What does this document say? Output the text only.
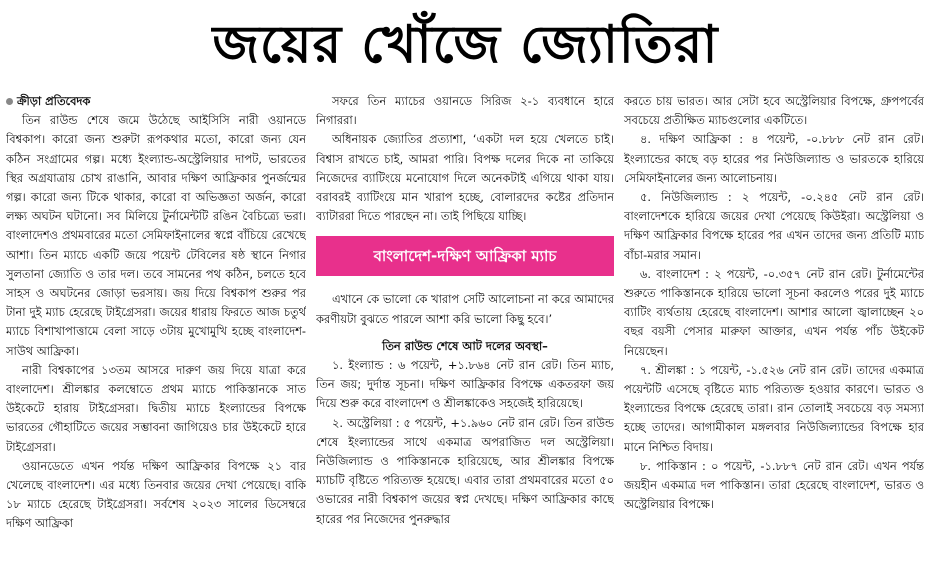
জয়ের খোঁজে জ্যোতিরা
ক্রীড়া প্রতিবেদক

তিন রাউন্ড শেষে জমে উঠেছে আইসিসি নারী ওয়ানডে বিশ্বকাপ। কারো জন্য শুরুটা রূপকথার মতো, কারো জন্য যেন কঠিন সংগ্রামের গল্প। মধ্যে ইংল্যান্ড-অস্ট্রেলিয়ার দাপট, ভারতের স্থির অগ্রযাত্রায় চোখ রাঙানি, আবার দক্ষিণ আফ্রিকার পুনর্জন্মের গল্প। কারো জন্য টিকে থাকার, কারো বা অভিজ্ঞতা অর্জন, কারো লক্ষ্য অঘটন ঘটানো। সব মিলিয়ে টুর্নামেন্টটি রঙিন বৈচিত্র্যে ভরা। বাংলাদেশও প্রথমবারের মতো সেমিফাইনালের স্বপ্নে বাঁচিয়ে রেখেছে আশা। তিন ম্যাচে একটি জয়ে পয়েন্ট টেবিলের ষষ্ঠ স্থানে নিগার সুলতানা জ্যোতি ও তার দল। তবে সামনের পথ কঠিন, চলতে হবে সাহস ও অঘটনের জোড়া ভরসায়। জয় দিয়ে বিশ্বকাপ শুরুর পর টানা দুই ম্যাচ হেরেছে টাইগ্রেসরা। জয়ের ধারায় ফিরতে আজ চতুর্থ ম্যাচে বিশাখাপাত্তামে বেলা সাড়ে ৩টায় মুখোমুখি হচ্ছে বাংলাদেশ-সাউথ আফ্রিকা।

নারী বিশ্বকাপের ১৩তম আসরে দারুণ জয় দিয়ে যাত্রা করে বাংলাদেশ। শ্রীলঙ্কার কলম্বোতে প্রথম ম্যাচে পাকিস্তানকে সাত উইকেটে হারায় টাইগ্রেসরা। দ্বিতীয় ম্যাচে ইংল্যান্ডের বিপক্ষে ভারতের গৌহাটিতে জয়ের সম্ভাবনা জাগিয়েও চার উইকেটে হারে টাইগ্রেসরা।

ওয়ানডেতে এখন পর্যন্ত দক্ষিণ আফ্রিকার বিপক্ষে ২১ বার খেলেছে বাংলাদেশ। এর মধ্যে তিনবার জয়ের দেখা পেয়েছে। বাকি ১৮ ম্যাচে হেরেছে টাইগ্রেসরা। সর্বশেষ ২০২৩ সালের ডিসেম্বরে দক্ষিণ আফ্রিকা

সফরে তিন ম্যাচের ওয়ানডে সিরিজ ২-১ ব্যবধানে হারে নিগাররা।

অধিনায়ক জ্যোতির প্রত্যাশা, ‘একটা দল হয়ে খেলতে চাই। বিশ্বাস রাখতে চাই, আমরা পারি। বিপক্ষ দলের দিকে না তাকিয়ে নিজেদের ব্যাটিংয়ে মনোযোগ দিলে অনেকটাই এগিয়ে থাকা যায়। বরাবরই ব্যাটিংয়ে মান খারাপ হচ্ছে, বোলারদের কষ্টের প্রতিদান ব্যাটাররা দিতে পারছেন না। তাই পিছিয়ে যাচ্ছি।

বাংলাদেশ-দক্ষিণ আফ্রিকা ম্যাচ

এখানে কে ভালো কে খারাপ সেটি আলোচনা না করে আমাদের করণীয়টা বুঝতে পারলে আশা করি ভালো কিছু হবে।’

তিন রাউন্ড শেষে আট দলের অবস্থা–

১. ইংল্যান্ড : ৬ পয়েন্ট, +১.৮৬৪ নেট রান রেট। তিন ম্যাচ, তিন জয়; দুর্দান্ত সূচনা। দক্ষিণ আফ্রিকার বিপক্ষে একতরফা জয় দিয়ে শুরু করে বাংলাদেশ ও শ্রীলঙ্কাকেও সহজেই হারিয়েছে।

২. অস্ট্রেলিয়া : ৫ পয়েন্ট, +১.৯৬০ নেট রান রেট। তিন রাউন্ড শেষে ইংল্যান্ডের সাথে একমাত্র অপরাজিত দল অস্ট্রেলিয়া। নিউজিল্যান্ড ও পাকিস্তানকে হারিয়েছে, আর শ্রীলঙ্কার বিপক্ষে ম্যাচটি বৃষ্টিতে পরিত্যক্ত হয়েছে। এবার তারা প্রথমবারের মতো ৫০ ওভারের নারী বিশ্বকাপ জয়ের স্বপ্ন দেখছে। দক্ষিণ আফ্রিকার কাছে হারের পর নিজেদের পুনরুদ্ধার

করতে চায় ভারত। আর সেটা হবে অস্ট্রেলিয়ার বিপক্ষে, গ্রুপপর্বের সবচেয়ে প্রতীক্ষিত ম্যাচগুলোর একটিতে।

৪. দক্ষিণ আফ্রিকা : ৪ পয়েন্ট, -০.৮৮৮ নেট রান রেট। ইংল্যান্ডের কাছে বড় হারের পর নিউজিল্যান্ড ও ভারতকে হারিয়ে সেমিফাইনালের জন্য আলোচনায়।

৫. নিউজিল্যান্ড : ২ পয়েন্ট, -০.২৪৫ নেট রান রেট। বাংলাদেশকে হারিয়ে জয়ের দেখা পেয়েছে কিউইরা। অস্ট্রেলিয়া ও দক্ষিণ আফ্রিকার বিপক্ষে হারের পর এখন তাদের জন্য প্রতিটি ম্যাচ বাঁচা-মরার সমান।

৬. বাংলাদেশ : ২ পয়েন্ট, -০.৩৫৭ নেট রান রেট। টুর্নামেন্টের শুরুতে পাকিস্তানকে হারিয়ে ভালো সূচনা করলেও পরের দুই ম্যাচে ব্যাটিং ব্যর্থতায় হেরেছে বাংলাদেশ। আশার আলো জ্বালাচ্ছেন ২০ বছর বয়সী পেসার মারুফা আক্তার, এখন পর্যন্ত পাঁচ উইকেট নিয়েছেন।

৭. শ্রীলঙ্কা : ১ পয়েন্ট, -১.৫২৬ নেট রান রেট। তাদের একমাত্র পয়েন্টটি এসেছে বৃষ্টিতে ম্যাচ পরিত্যক্ত হওয়ার কারণে। ভারত ও ইংল্যান্ডের বিপক্ষে হেরেছে তারা। রান তোলাই সবচেয়ে বড় সমস্যা হচ্ছে তাদের। আগামীকাল মঙ্গলবার নিউজিল্যান্ডের বিপক্ষে হার মানে নিশ্চিত বিদায়।

৮. পাকিস্তান : ০ পয়েন্ট, -১.৮৮৭ নেট রান রেট। এখন পর্যন্ত জয়হীন একমাত্র দল পাকিস্তান। তারা হেরেছে বাংলাদেশ, ভারত ও অস্ট্রেলিয়ার বিপক্ষে।
